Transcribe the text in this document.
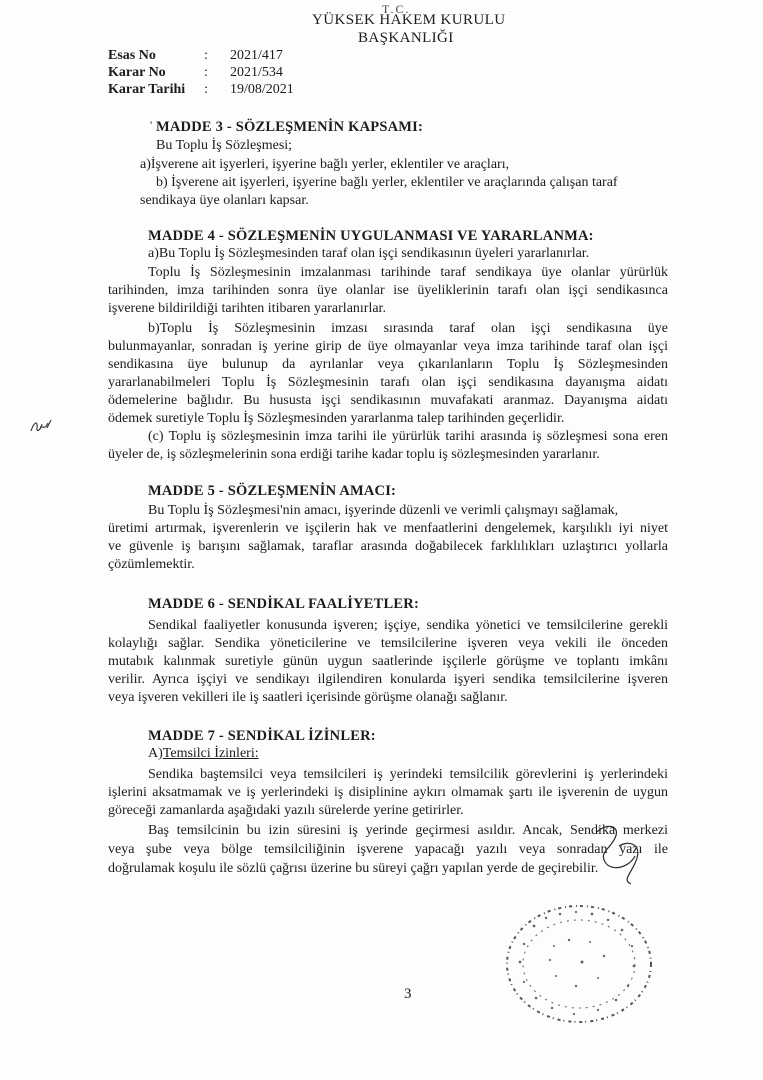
T.C.
YÜKSEK HAKEM KURULU
BAŞKANLIĞI
Esas No	: 2021/417
Karar No	: 2021/534
Karar Tarihi : 19/08/2021
' MADDE 3 - SÖZLEŞMENİN KAPSAMI:
Bu Toplu İş Sözleşmesi;
a)İşverene ait işyerleri, işyerine bağlı yerler, eklentiler ve araçları,
b) İşverene ait işyerleri, işyerine bağlı yerler, eklentiler ve araçlarında çalışan taraf
sendikaya üye olanları kapsar.
MADDE 4 - SÖZLEŞMENİN UYGULANMASI VE YARARLANMA:
a)Bu Toplu İş Sözleşmesinden taraf olan işçi sendikasının üyeleri yararlanırlar.
Toplu İş Sözleşmesinin imzalanması tarihinde taraf sendikaya üye olanlar yürürlük
tarihinden, imza tarihinden sonra üye olanlar ise üyeliklerinin tarafı olan işçi sendikasınca
işverene bildirildiği tarihten itibaren yararlanırlar.
b)Toplu İş Sözleşmesinin imzası sırasında taraf olan işçi sendikasına üye
bulunmayanlar, sonradan iş yerine girip de üye olmayanlar veya imza tarihinde taraf olan işçi
sendikasına üye bulunup da ayrılanlar veya çıkarılanların Toplu İş Sözleşmesinden
yararlanabilmeleri Toplu İş Sözleşmesinin tarafı olan işçi sendikasına dayanışma aidatı
ödemelerine bağlıdır. Bu hususta işçi sendikasının muvafakati aranmaz. Dayanışma aidatı
ödemek suretiyle Toplu İş Sözleşmesinden yararlanma talep tarihinden geçerlidir.
(c) Toplu iş sözleşmesinin imza tarihi ile yürürlük tarihi arasında iş sözleşmesi sona eren
üyeler de, iş sözleşmelerinin sona erdiği tarihe kadar toplu iş sözleşmesinden yararlanır.
MADDE 5 - SÖZLEŞMENİN AMACI:
Bu Toplu İş Sözleşmesi'nin amacı, işyerinde düzenli ve verimli çalışmayı sağlamak,
üretimi artırmak, işverenlerin ve işçilerin hak ve menfaatlerini dengelemek, karşılıklı iyi niyet
ve güvenle iş barışını sağlamak, taraflar arasında doğabilecek farklılıkları uzlaştırıcı yollarla
çözümlemektir.
MADDE 6 - SENDİKAL FAALİYETLER:
Sendikal faaliyetler konusunda işveren; işçiye, sendika yönetici ve temsilcilerine gerekli
kolaylığı sağlar. Sendika yöneticilerine ve temsilcilerine işveren veya vekili ile önceden
mutabık kalınmak suretiyle günün uygun saatlerinde işçilerle görüşme ve toplantı imkânı
verilir. Ayrıca işçiyi ve sendikayı ilgilendiren konularda işyeri sendika temsilcilerine işveren
veya işveren vekilleri ile iş saatleri içerisinde görüşme olanağı sağlanır.
MADDE 7 - SENDİKAL İZİNLER:
A)Temsilci İzinleri:
Sendika baştemsilci veya temsilcileri iş yerindeki temsilcilik görevlerini iş yerlerindeki
işlerini aksatmamak ve iş yerlerindeki iş disiplinine aykırı olmamak şartı ile işverenin de uygun
göreceği zamanlarda aşağıdaki yazılı sürelerde yerine getirirler.
Baş temsilcinin bu izin süresini iş yerinde geçirmesi asıldır. Ancak, Sendika merkezi
veya şube veya bölge temsilciliğinin işverene yapacağı yazılı veya sonradan yazı ile
doğrulamak koşulu ile sözlü çağrısı üzerine bu süreyi çağrı yapılan yerde de geçirebilir.
3
